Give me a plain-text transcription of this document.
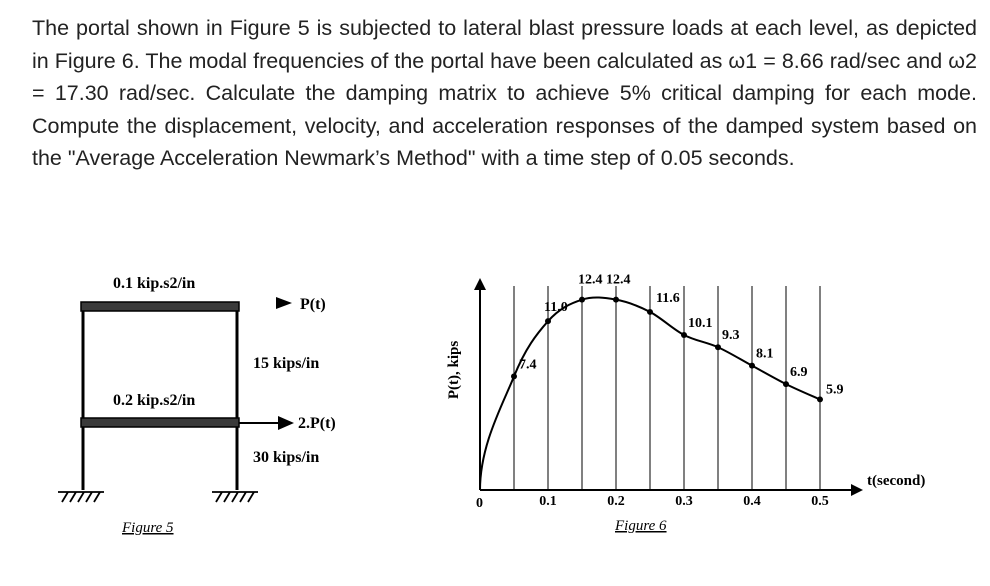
The portal shown in Figure 5 is subjected to lateral blast pressure loads at each level, as depicted in Figure 6. The modal frequencies of the portal have been calculated as ω1 = 8.66 rad/sec and ω2 = 17.30 rad/sec. Calculate the damping matrix to achieve 5% critical damping for each mode. Compute the displacement, velocity, and acceleration responses of the damped system based on the "Average Acceleration Newmark’s Method" with a time step of 0.05 seconds.

0.1 kip.s2/in
0.2 kip.s2/in
P(t)
2.P(t)
15 kips/in
30 kips/in
Figure 5
7.4
11.0
12.4 12.4
11.6
10.1
9.3
8.1
6.9
5.9
0.1	0.2	0.3	0.4	0.5
P(t), kips
t(second)
0
Figure 6
